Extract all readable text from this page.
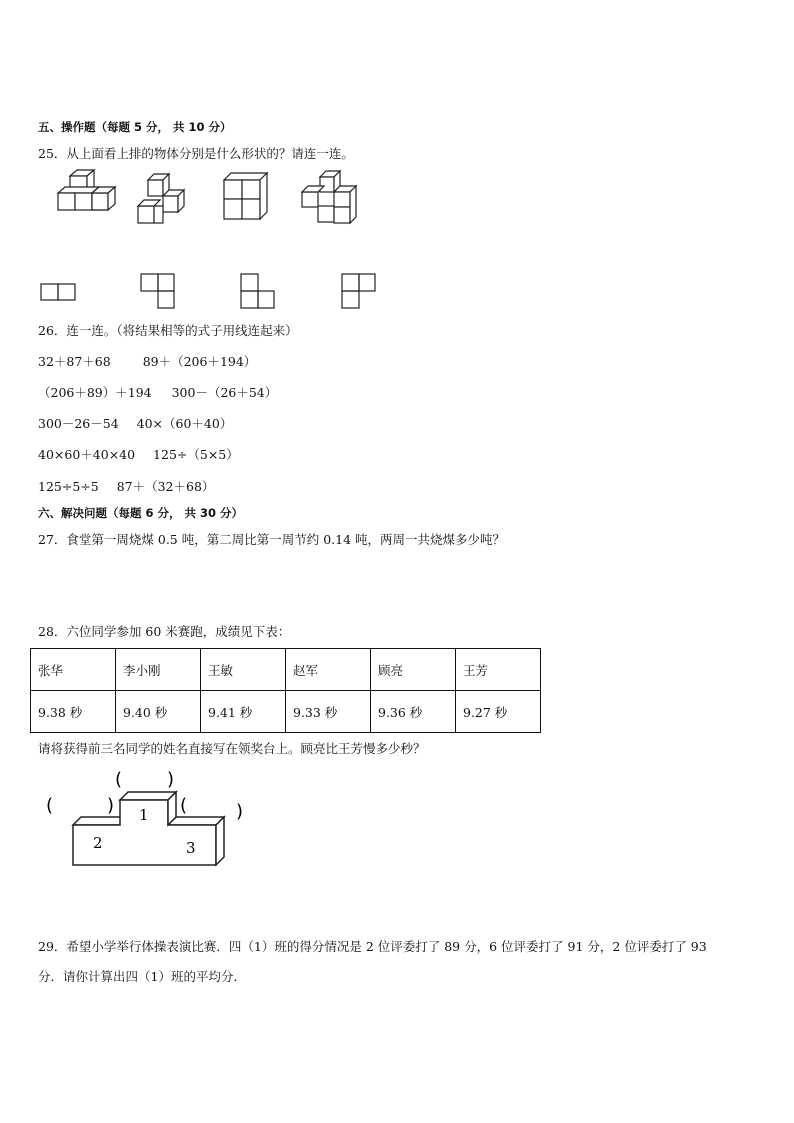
五、操作题（每题 5 分， 共 10 分）
25．从上面看上排的物体分别是什么形状的？请连一连。
26．连一连。（将结果相等的式子用线连起来）
32＋87＋68	89＋（206＋194）
（206＋89）＋194 300－（26＋54）
300－26－54 40×（60＋40）
40×60＋40×40 125÷（5×5）
125÷5÷5 87＋（32＋68）
六、解决问题（每题 6 分， 共 30 分）
27．食堂第一周烧煤 0.5 吨，第二周比第一周节约 0.14 吨，两周一共烧煤多少吨？
28．六位同学参加 60 米赛跑，成绩见下表：
张华	李小刚	王敏	赵军	顾亮	王芳
9.38 秒	9.40 秒	9.41 秒	9.33 秒	9.36 秒	9.27 秒
请将获得前三名同学的姓名直接写在领奖台上。顾亮比王芳慢多少秒？
1
2	3
( )
(	)	(	)
29．希望小学举行体操表演比赛．四（1）班的得分情况是 2 位评委打了 89 分，6 位评委打了 91 分，2 位评委打了 93
分．请你计算出四（1）班的平均分．
